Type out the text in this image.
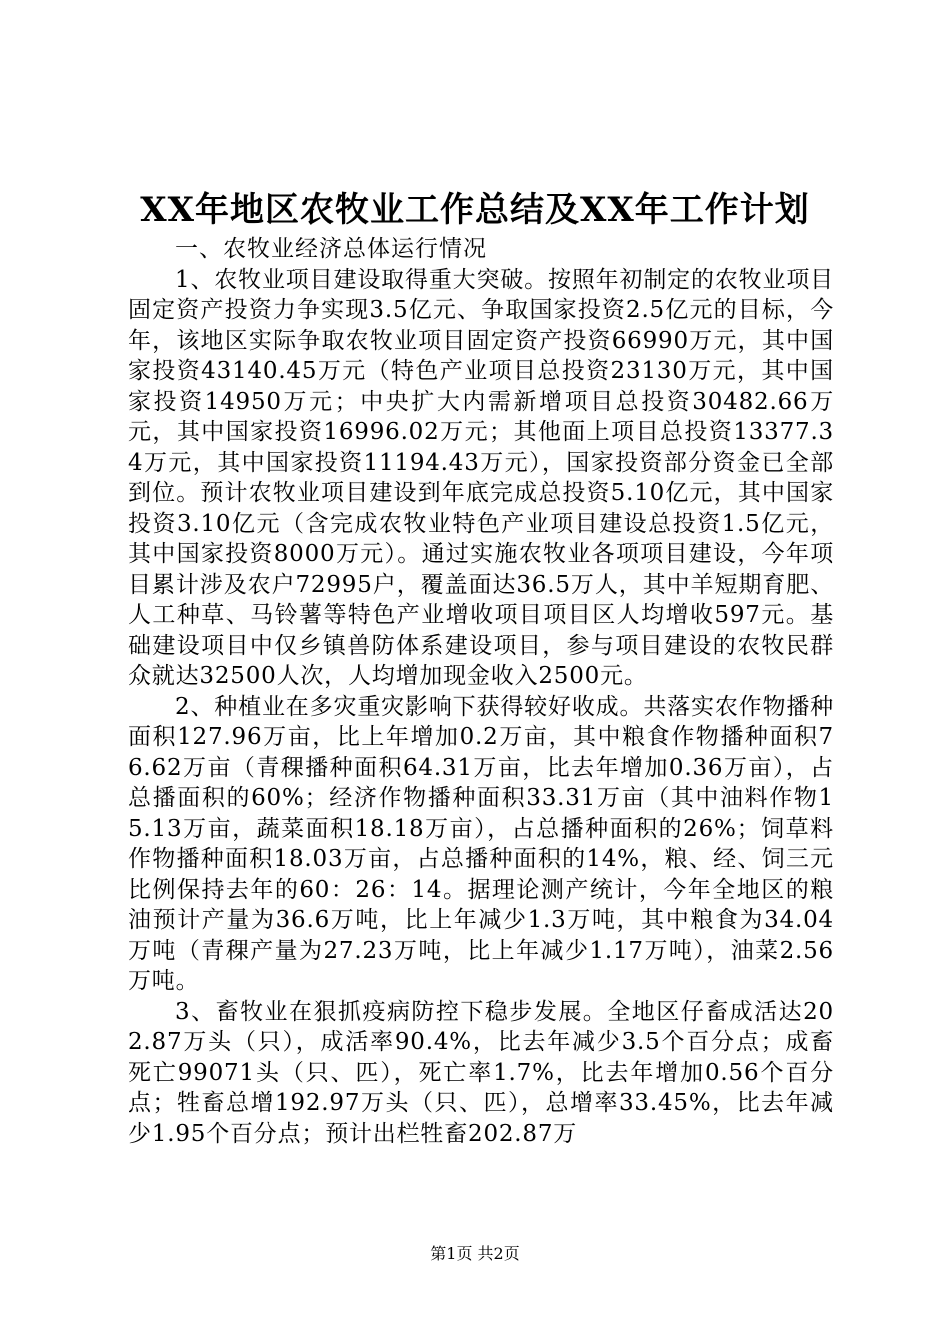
XX年地区农牧业工作总结及XX年工作计划

一、农牧业经济总体运行情况

1、农牧业项目建设取得重大突破。按照年初制定的农牧业项目固定资产投资力争实现3.5亿元、争取国家投资2.5亿元的目标，今年，该地区实际争取农牧业项目固定资产投资66990万元，其中国家投资43140.45万元（特色产业项目总投资23130万元，其中国家投资14950万元；中央扩大内需新增项目总投资30482.66万元，其中国家投资16996.02万元；其他面上项目总投资13377.34万元，其中国家投资11194.43万元），国家投资部分资金已全部到位。预计农牧业项目建设到年底完成总投资5.10亿元，其中国家投资3.10亿元（含完成农牧业特色产业项目建设总投资1.5亿元，其中国家投资8000万元）。通过实施农牧业各项项目建设，今年项目累计涉及农户72995户，覆盖面达36.5万人，其中羊短期育肥、人工种草、马铃薯等特色产业增收项目项目区人均增收597元。基础建设项目中仅乡镇兽防体系建设项目，参与项目建设的农牧民群众就达32500人次，人均增加现金收入2500元。

2、种植业在多灾重灾影响下获得较好收成。共落实农作物播种面积127.96万亩，比上年增加0.2万亩，其中粮食作物播种面积76.62万亩（青稞播种面积64.31万亩，比去年增加0.36万亩），占总播面积的60%；经济作物播种面积33.31万亩（其中油料作物15.13万亩，蔬菜面积18.18万亩），占总播种面积的26%；饲草料作物播种面积18.03万亩，占总播种面积的14%，粮、经、饲三元比例保持去年的60：26：14。据理论测产统计，今年全地区的粮油预计产量为36.6万吨，比上年减少1.3万吨，其中粮食为34.04万吨（青稞产量为27.23万吨，比上年减少1.17万吨），油菜2.56万吨。

3、畜牧业在狠抓疫病防控下稳步发展。全地区仔畜成活达202.87万头（只），成活率90.4%，比去年减少3.5个百分点；成畜死亡99071头（只、匹），死亡率1.7%，比去年增加0.56个百分点；牲畜总增192.97万头（只、匹），总增率33.45%，比去年减少1.95个百分点；预计出栏牲畜202.87万

第1页 共2页
